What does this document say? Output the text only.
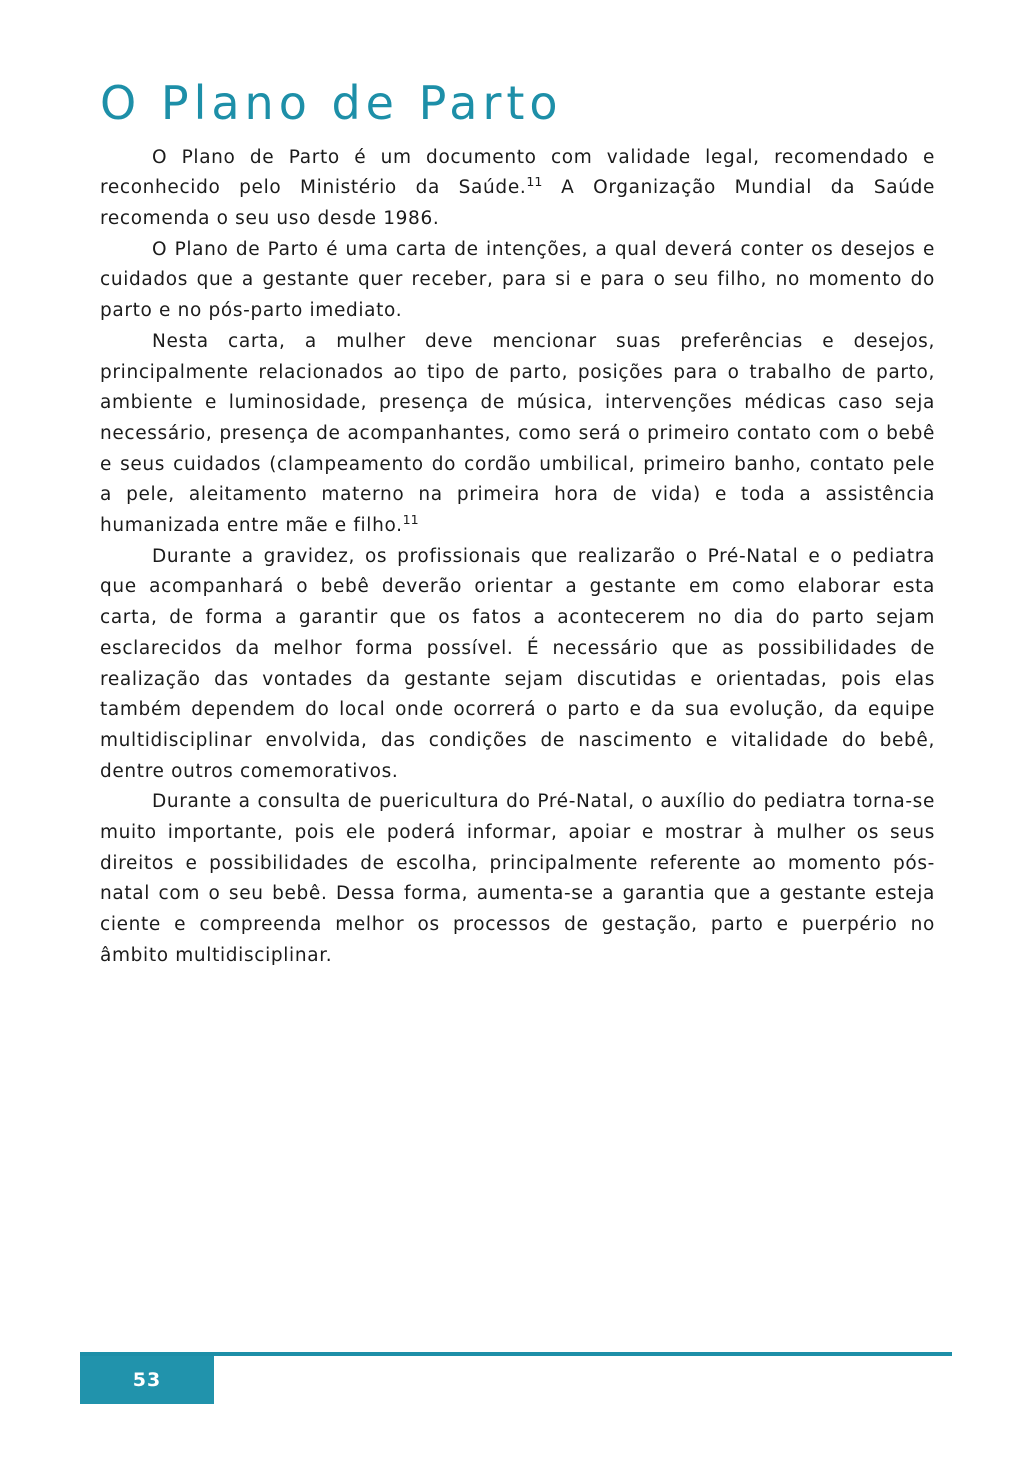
O Plano de Parto

O Plano de Parto é um documento com validade legal, recomendado e reconhecido pelo Ministério da Saúde.$^{11}$ A Organização Mundial da Saúde recomenda o seu uso desde 1986.

O Plano de Parto é uma carta de intenções, a qual deverá conter os desejos e cuidados que a gestante quer receber, para si e para o seu filho, no momento do parto e no pós-parto imediato.

Nesta carta, a mulher deve mencionar suas preferências e desejos, principalmente relacionados ao tipo de parto, posições para o trabalho de parto, ambiente e luminosidade, presença de música, intervenções médicas caso seja necessário, presença de acompanhantes, como será o primeiro contato com o bebê e seus cuidados (clampeamento do cordão umbilical, primeiro banho, contato pele a pele, aleitamento materno na primeira hora de vida) e toda a assistência humanizada entre mãe e filho.$^{11}$

Durante a gravidez, os profissionais que realizarão o Pré-Natal e o pediatra que acompanhará o bebê deverão orientar a gestante em como elaborar esta carta, de forma a garantir que os fatos a acontecerem no dia do parto sejam esclarecidos da melhor forma possível. É necessário que as possibilidades de realização das vontades da gestante sejam discutidas e orientadas, pois elas também dependem do local onde ocorrerá o parto e da sua evolução, da equipe multidisciplinar envolvida, das condições de nascimento e vitalidade do bebê, dentre outros comemorativos.

Durante a consulta de puericultura do Pré-Natal, o auxílio do pediatra torna-se muito importante, pois ele poderá informar, apoiar e mostrar à mulher os seus direitos e possibilidades de escolha, principalmente referente ao momento pós-natal com o seu bebê. Dessa forma, aumenta-se a garantia que a gestante esteja ciente e compreenda melhor os processos de gestação, parto e puerpério no âmbito multidisciplinar.

53
